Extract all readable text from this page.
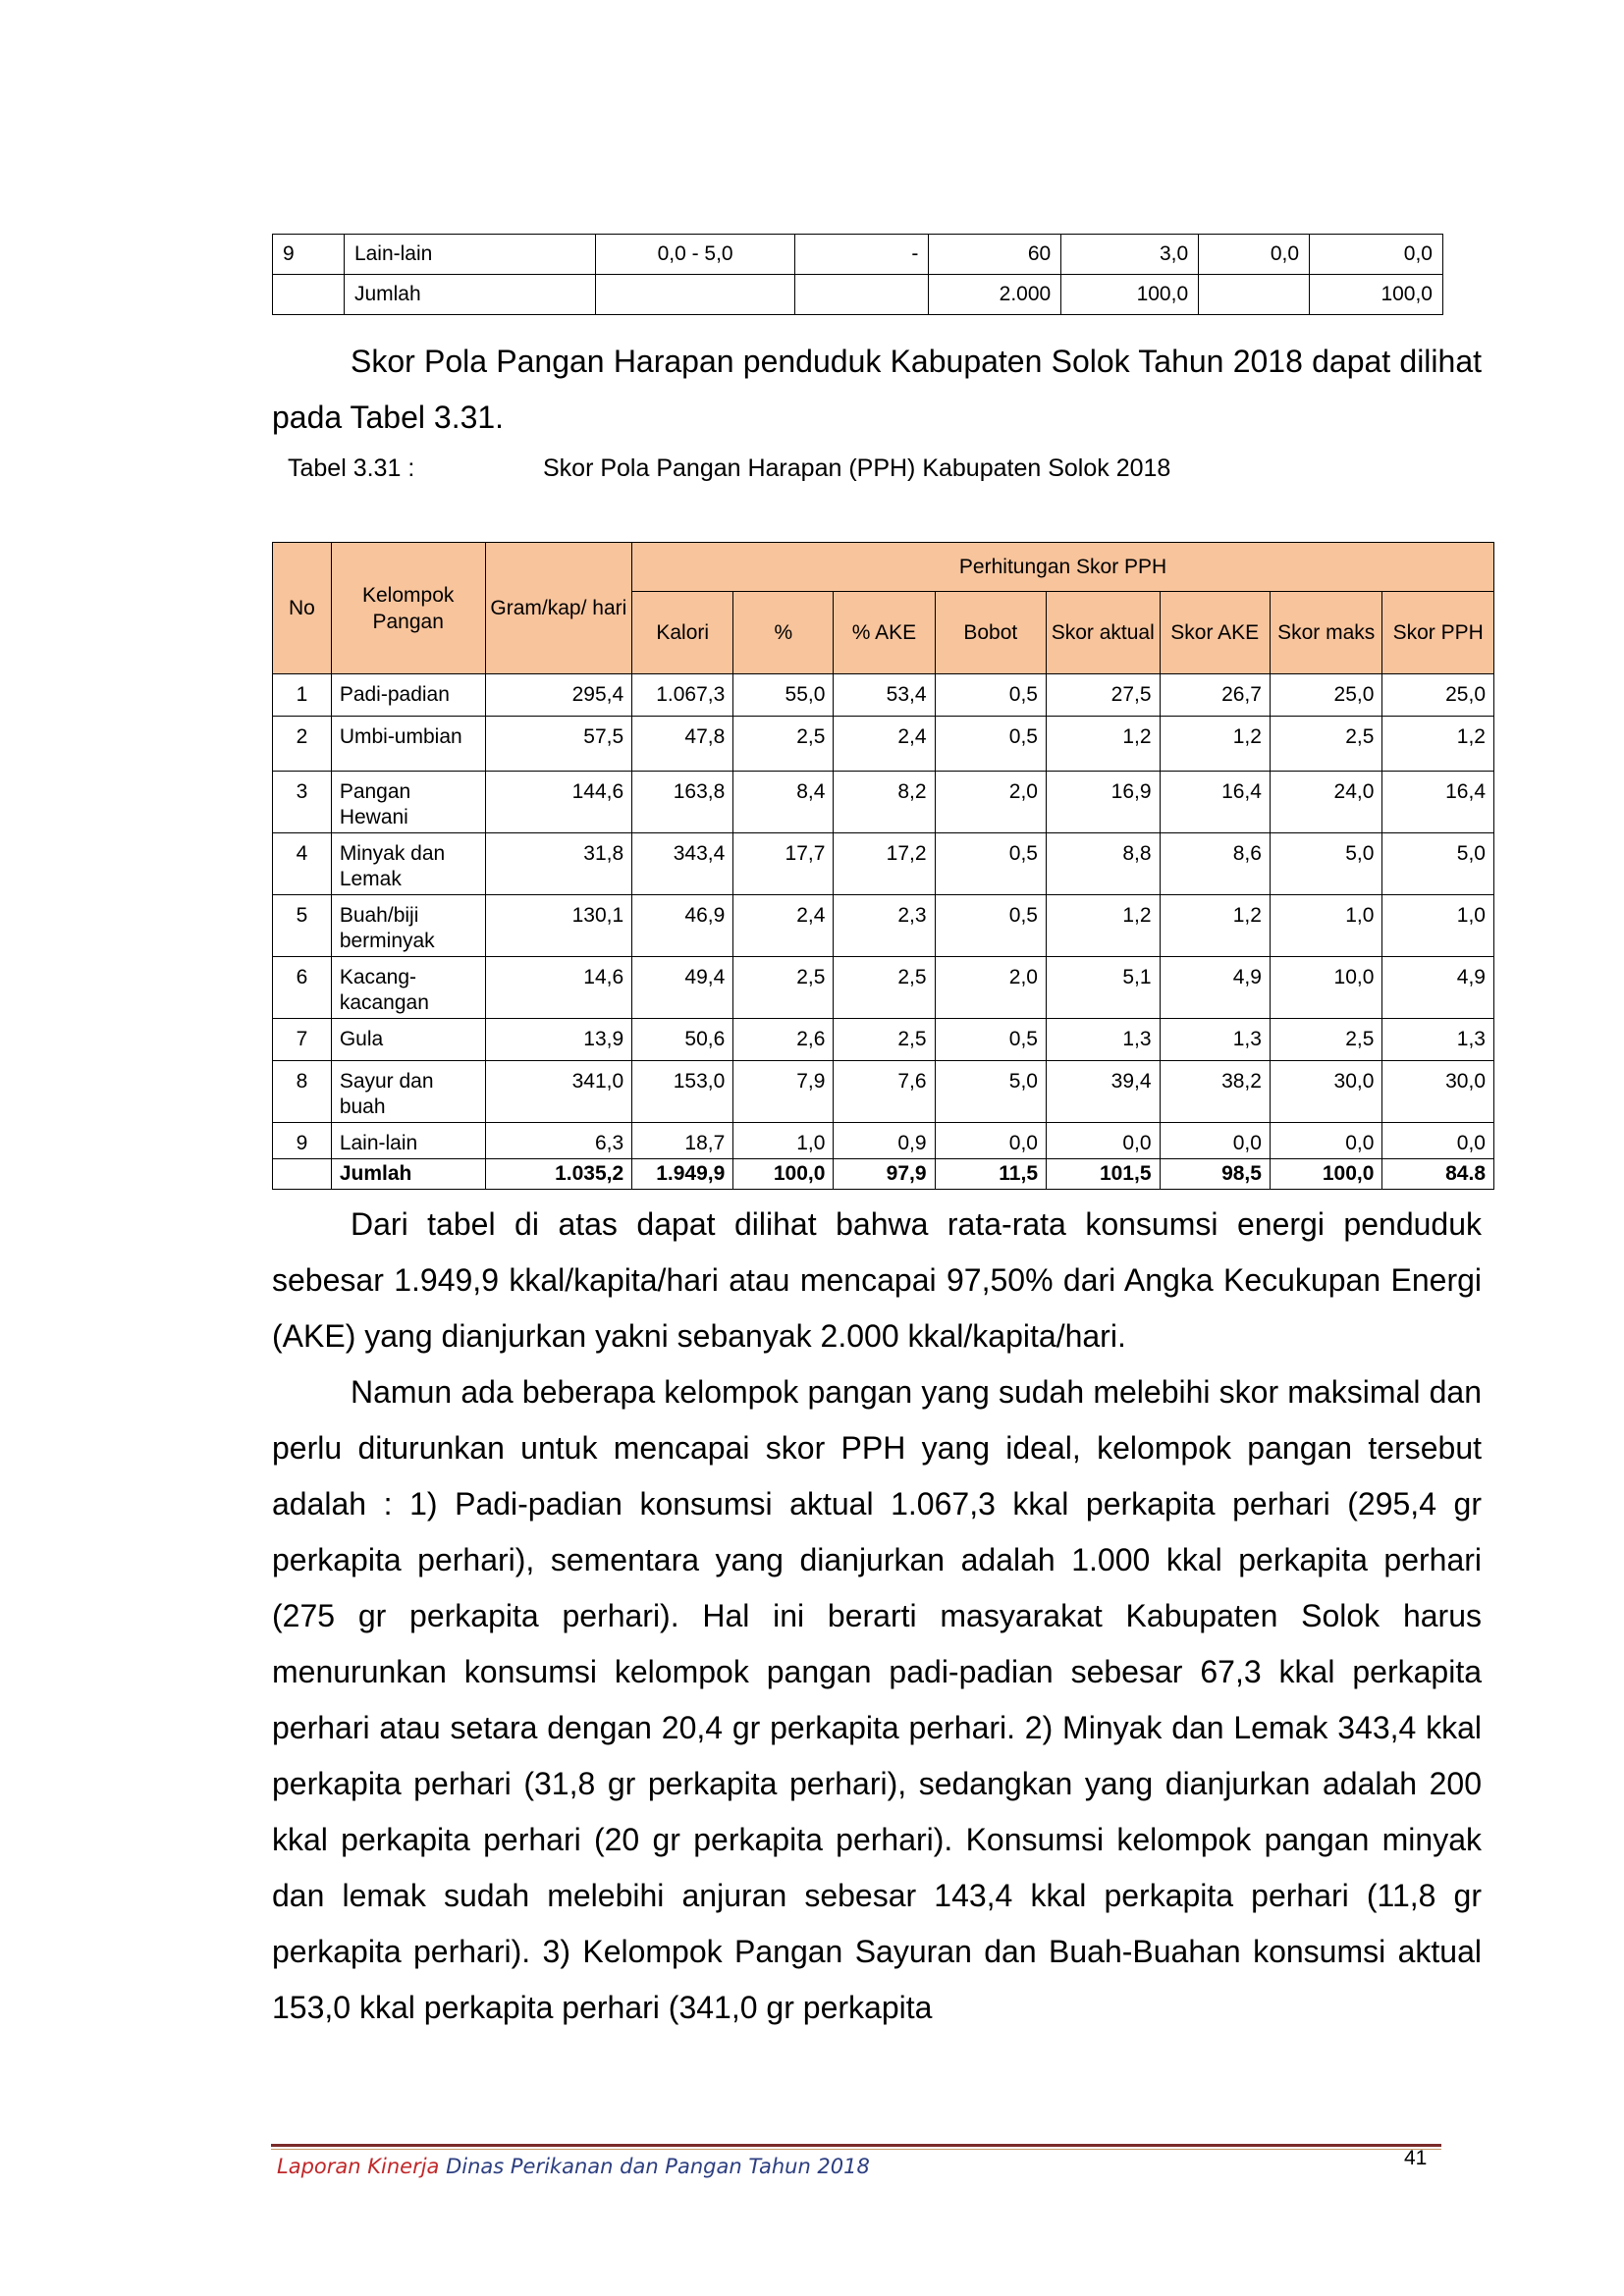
9	Lain-lain	0,0 - 5,0	-	60	3,0	0,0	0,0
	Jumlah			2.000	100,0		100,0

Skor Pola Pangan Harapan penduduk Kabupaten Solok Tahun 2018 dapat dilihat pada Tabel 3.31.

Tabel 3.31 :	Skor Pola Pangan Harapan (PPH) Kabupaten Solok 2018
No	Kelompok Pangan	Gram/kap/ hari	Perhitungan Skor PPH							
			Kalori	%	% AKE	Bobot	Skor aktual	Skor AKE	Skor maks	Skor PPH
1	Padi-padian	295,4	1.067,3	55,0	53,4	0,5	27,5	26,7	25,0	25,0
2	Umbi-umbian	57,5	47,8	2,5	2,4	0,5	1,2	1,2	2,5	1,2
3	Pangan Hewani	144,6	163,8	8,4	8,2	2,0	16,9	16,4	24,0	16,4
4	Minyak dan Lemak	31,8	343,4	17,7	17,2	0,5	8,8	8,6	5,0	5,0
5	Buah/biji berminyak	130,1	46,9	2,4	2,3	0,5	1,2	1,2	1,0	1,0
6	Kacang-kacangan	14,6	49,4	2,5	2,5	2,0	5,1	4,9	10,0	4,9
7	Gula	13,9	50,6	2,6	2,5	0,5	1,3	1,3	2,5	1,3
8	Sayur dan buah	341,0	153,0	7,9	7,6	5,0	39,4	38,2	30,0	30,0
9	Lain-lain	6,3	18,7	1,0	0,9	0,0	0,0	0,0	0,0	0,0
	Jumlah	1.035,2	1.949,9	100,0	97,9	11,5	101,5	98,5	100,0	84.8

Dari tabel di atas dapat dilihat bahwa rata-rata konsumsi energi penduduk sebesar 1.949,9 kkal/kapita/hari atau mencapai 97,50% dari Angka Kecukupan Energi (AKE) yang dianjurkan yakni sebanyak 2.000 kkal/kapita/hari.

Namun ada beberapa kelompok pangan yang sudah melebihi skor maksimal dan perlu diturunkan untuk mencapai skor PPH yang ideal, kelompok pangan tersebut adalah : 1) Padi-padian konsumsi aktual 1.067,3 kkal perkapita perhari (295,4 gr perkapita perhari), sementara yang dianjurkan adalah 1.000 kkal perkapita perhari (275 gr perkapita perhari). Hal ini berarti masyarakat Kabupaten Solok harus menurunkan konsumsi kelompok pangan padi-padian sebesar 67,3 kkal perkapita perhari atau setara dengan 20,4 gr perkapita perhari. 2) Minyak dan Lemak 343,4 kkal perkapita perhari (31,8 gr perkapita perhari), sedangkan yang dianjurkan adalah 200 kkal perkapita perhari (20 gr perkapita perhari). Konsumsi kelompok pangan minyak dan lemak sudah melebihi anjuran sebesar 143,4 kkal perkapita perhari (11,8 gr perkapita perhari). 3) Kelompok Pangan Sayuran dan Buah-Buahan konsumsi aktual 153,0 kkal perkapita perhari (341,0 gr perkapita

Laporan Kinerja Dinas Perikanan dan Pangan Tahun 2018	41
